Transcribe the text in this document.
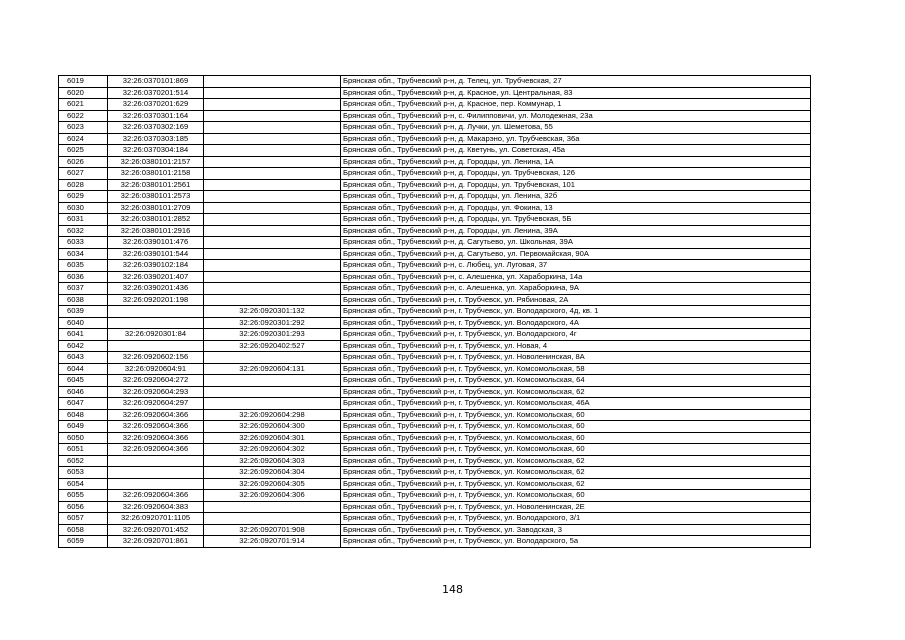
6019	32:26:0370101:869		Брянская обл., Трубчевский р-н, д. Телец, ул. Трубчевская, 27
6020	32:26:0370201:514		Брянская обл., Трубчевский р-н, д. Красное, ул. Центральная, 83
6021	32:26:0370201:629		Брянская обл., Трубчевский р-н, д. Красное, пер. Коммунар, 1
6022	32:26:0370301:164		Брянская обл., Трубчевский р-н, с. Филипповичи, ул. Молодежная, 23а
6023	32:26:0370302:169		Брянская обл., Трубчевский р-н, д. Лучки, ул. Шеметова, 55
6024	32:26:0370303:185		Брянская обл., Трубчевский р-н, д. Макарэно, ул. Трубчевская, 36а
6025	32:26:0370304:184		Брянская обл., Трубчевский р-н, д. Кветунь, ул. Советская, 45а
6026	32:26:0380101:2157		Брянская обл., Трубчевский р-н, д. Городцы, ул. Ленина, 1А
6027	32:26:0380101:2158		Брянская обл., Трубчевский р-н, д. Городцы, ул. Трубчевская, 126
6028	32:26:0380101:2561		Брянская обл., Трубчевский р-н, д. Городцы, ул. Трубчевская, 101
6029	32:26:0380101:2573		Брянская обл., Трубчевский р-н, д. Городцы, ул. Ленина, 32б
6030	32:26:0380101:2709		Брянская обл., Трубчевский р-н, д. Городцы, ул. Фокина, 13
6031	32:26:0380101:2852		Брянская обл., Трубчевский р-н, д. Городцы, ул. Трубчевская, 5Б
6032	32:26:0380101:2916		Брянская обл., Трубчевский р-н, д. Городцы, ул. Ленина, 39А
6033	32:26:0390101:476		Брянская обл., Трубчевский р-н, д. Сагутьево, ул. Школьная, 39А
6034	32:26:0390101:544		Брянская обл., Трубчевский р-н, д. Сагутьево, ул. Первомайская, 90А
6035	32:26:0390102:184		Брянская обл., Трубчевский р-н, с. Любец, ул. Луговая, 37
6036	32:26:0390201:407		Брянская обл., Трубчевский р-н, с. Алешенка, ул. Хараборкина, 14а
6037	32:26:0390201:436		Брянская обл., Трубчевский р-н, с. Алешенка, ул. Хараборкина, 9А
6038	32:26:0920201:198		Брянская обл., Трубчевский р-н, г. Трубчевск, ул. Рябиновая, 2А
6039		32:26:0920301:132	Брянская обл., Трубчевский р-н, г. Трубчевск, ул. Володарского, 4д, кв. 1
6040		32:26:0920301:292	Брянская обл., Трубчевский р-н, г. Трубчевск, ул. Володарского, 4А
6041	32:26:0920301:84	32:26:0920301:293	Брянская обл., Трубчевский р-н, г. Трубчевск, ул. Володарского, 4г
6042		32:26:0920402:527	Брянская обл., Трубчевский р-н, г. Трубчевск, ул. Новая, 4
6043	32:26:0920602:156		Брянская обл., Трубчевский р-н, г. Трубчевск, ул. Новоленинская, 8А
6044	32:26:0920604:91	32:26:0920604:131	Брянская обл., Трубчевский р-н, г. Трубчевск, ул. Комсомольская, 58
6045	32:26:0920604:272		Брянская обл., Трубчевский р-н, г. Трубчевск, ул. Комсомольская, 64
6046	32:26:0920604:293		Брянская обл., Трубчевский р-н, г. Трубчевск, ул. Комсомольская, 62
6047	32:26:0920604:297		Брянская обл., Трубчевский р-н, г. Трубчевск, ул. Комсомольская, 46А
6048	32:26:0920604:366	32:26:0920604:298	Брянская обл., Трубчевский р-н, г. Трубчевск, ул. Комсомольская, 60
6049	32:26:0920604:366	32:26:0920604:300	Брянская обл., Трубчевский р-н, г. Трубчевск, ул. Комсомольская, 60
6050	32:26:0920604:366	32:26:0920604:301	Брянская обл., Трубчевский р-н, г. Трубчевск, ул. Комсомольская, 60
6051	32:26:0920604:366	32:26:0920604:302	Брянская обл., Трубчевский р-н, г. Трубчевск, ул. Комсомольская, 60
6052		32:26:0920604:303	Брянская обл., Трубчевский р-н, г. Трубчевск, ул. Комсомольская, 62
6053		32:26:0920604:304	Брянская обл., Трубчевский р-н, г. Трубчевск, ул. Комсомольская, 62
6054		32:26:0920604:305	Брянская обл., Трубчевский р-н, г. Трубчевск, ул. Комсомольская, 62
6055	32:26:0920604:366	32:26:0920604:306	Брянская обл., Трубчевский р-н, г. Трубчевск, ул. Комсомольская, 60
6056	32:26:0920604:383		Брянская обл., Трубчевский р-н, г. Трубчевск, ул. Новоленинская, 2Е
6057	32:26:0920701:1105		Брянская обл., Трубчевский р-н, г. Трубчевск, ул. Володарского, 3/1
6058	32:26:0920701:452	32:26:0920701:908	Брянская обл., Трубчевский р-н, г. Трубчевск, ул. Заводская, 3
6059	32:26:0920701:861	32:26:0920701:914	Брянская обл., Трубчевский р-н, г. Трубчевск, ул. Володарского, 5а
148
